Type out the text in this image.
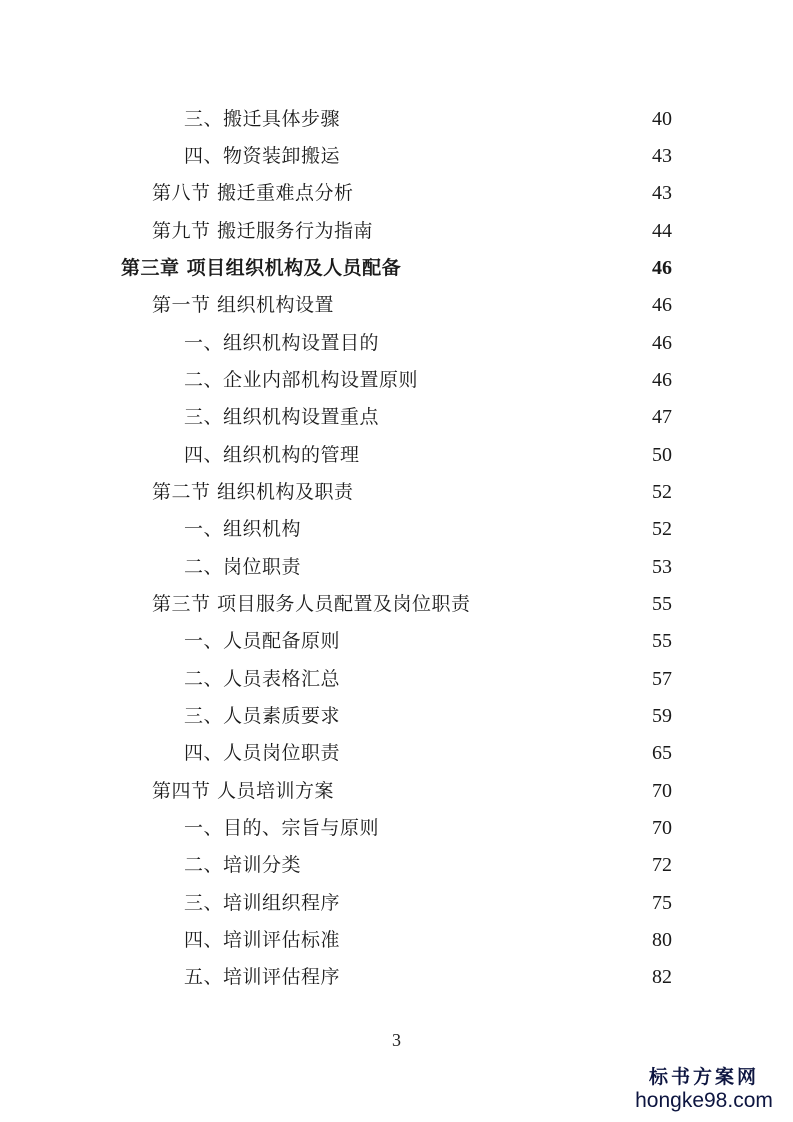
三、搬迁具体步骤	40
四、物资装卸搬运	43
第八节 搬迁重难点分析	43
第九节 搬迁服务行为指南	44
第三章 项目组织机构及人员配备	46
第一节 组织机构设置	46
一、组织机构设置目的	46
二、企业内部机构设置原则	46
三、组织机构设置重点	47
四、组织机构的管理	50
第二节 组织机构及职责	52
一、组织机构	52
二、岗位职责	53
第三节 项目服务人员配置及岗位职责	55
一、人员配备原则	55
二、人员表格汇总	57
三、人员素质要求	59
四、人员岗位职责	65
第四节 人员培训方案	70
一、目的、宗旨与原则	70
二、培训分类	72
三、培训组织程序	75
四、培训评估标准	80
五、培训评估程序	82
3
标书方案网
hongke98.com
